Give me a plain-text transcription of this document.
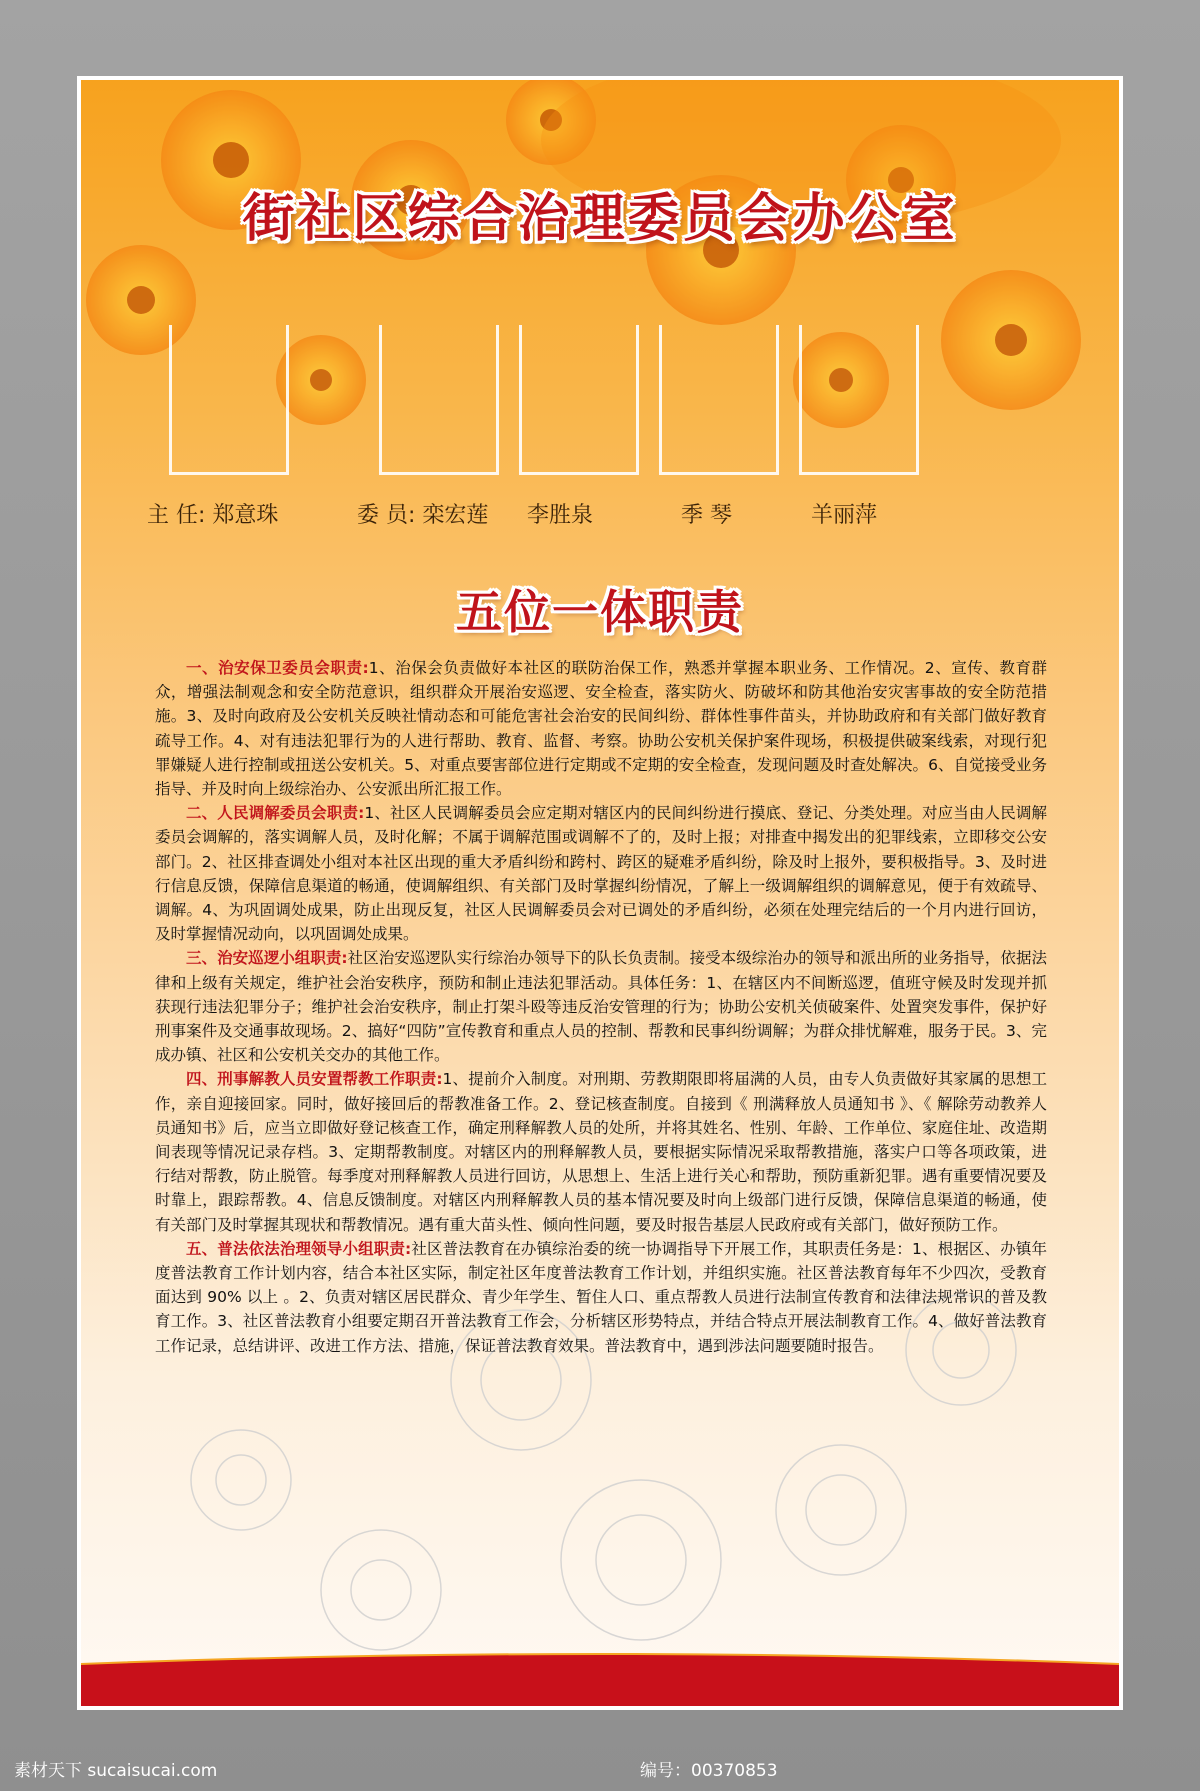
街社区综合治理委员会办公室
主 任: 郑意珠	委 员: 栾宏莲 李胜泉	季 琴	羊丽萍
五位一体职责

一、治安保卫委员会职责:1、治保会负责做好本社区的联防治保工作，熟悉并掌握本职业务、工作情况。2、宣传、教育群众，增强法制观念和安全防范意识，组织群众开展治安巡逻、安全检查，落实防火、防破坏和防其他治安灾害事故的安全防范措施。3、及时向政府及公安机关反映社情动态和可能危害社会治安的民间纠纷、群体性事件苗头，并协助政府和有关部门做好教育疏导工作。4、对有违法犯罪行为的人进行帮助、教育、监督、考察。协助公安机关保护案件现场，积极提供破案线索，对现行犯罪嫌疑人进行控制或扭送公安机关。5、对重点要害部位进行定期或不定期的安全检查，发现问题及时查处解决。6、自觉接受业务指导、并及时向上级综治办、公安派出所汇报工作。

二、人民调解委员会职责:1、社区人民调解委员会应定期对辖区内的民间纠纷进行摸底、登记、分类处理。对应当由人民调解委员会调解的，落实调解人员，及时化解；不属于调解范围或调解不了的，及时上报；对排查中揭发出的犯罪线索，立即移交公安部门。2、社区排查调处小组对本社区出现的重大矛盾纠纷和跨村、跨区的疑难矛盾纠纷，除及时上报外，要积极指导。3、及时进行信息反馈，保障信息渠道的畅通，使调解组织、有关部门及时掌握纠纷情况，了解上一级调解组织的调解意见，便于有效疏导、调解。4、为巩固调处成果，防止出现反复，社区人民调解委员会对已调处的矛盾纠纷，必须在处理完结后的一个月内进行回访，及时掌握情况动向，以巩固调处成果。

三、治安巡逻小组职责:社区治安巡逻队实行综治办领导下的队长负责制。接受本级综治办的领导和派出所的业务指导，依据法律和上级有关规定，维护社会治安秩序，预防和制止违法犯罪活动。具体任务：1、在辖区内不间断巡逻，值班守候及时发现并抓获现行违法犯罪分子；维护社会治安秩序，制止打架斗殴等违反治安管理的行为；协助公安机关侦破案件、处置突发事件，保护好刑事案件及交通事故现场。2、搞好“四防”宣传教育和重点人员的控制、帮教和民事纠纷调解；为群众排忧解难，服务于民。3、完成办镇、社区和公安机关交办的其他工作。

四、刑事解教人员安置帮教工作职责:1、提前介入制度。对刑期、劳教期限即将届满的人员，由专人负责做好其家属的思想工作，亲自迎接回家。同时，做好接回后的帮教准备工作。2、登记核查制度。自接到《 刑满释放人员通知书 》、《 解除劳动教养人员通知书》后，应当立即做好登记核查工作，确定刑释解教人员的处所，并将其姓名、性别、年龄、工作单位、家庭住址、改造期间表现等情况记录存档。3、定期帮教制度。对辖区内的刑释解教人员，要根据实际情况采取帮教措施，落实户口等各项政策，进行结对帮教，防止脱管。每季度对刑释解教人员进行回访，从思想上、生活上进行关心和帮助，预防重新犯罪。遇有重要情况要及时靠上，跟踪帮教。4、信息反馈制度。对辖区内刑释解教人员的基本情况要及时向上级部门进行反馈，保障信息渠道的畅通，使有关部门及时掌握其现状和帮教情况。遇有重大苗头性、倾向性问题，要及时报告基层人民政府或有关部门，做好预防工作。

五、普法依法治理领导小组职责:社区普法教育在办镇综治委的统一协调指导下开展工作，其职责任务是：1、根据区、办镇年度普法教育工作计划内容，结合本社区实际，制定社区年度普法教育工作计划，并组织实施。社区普法教育每年不少四次，受教育面达到 90% 以上 。2、负责对辖区居民群众、青少年学生、暂住人口、重点帮教人员进行法制宣传教育和法律法规常识的普及教育工作。3、社区普法教育小组要定期召开普法教育工作会，分析辖区形势特点，并结合特点开展法制教育工作。4、做好普法教育工作记录，总结讲评、改进工作方法、措施，保证普法教育效果。普法教育中，遇到涉法问题要随时报告。

素材天下 sucaisucai.com	编号：00370853
